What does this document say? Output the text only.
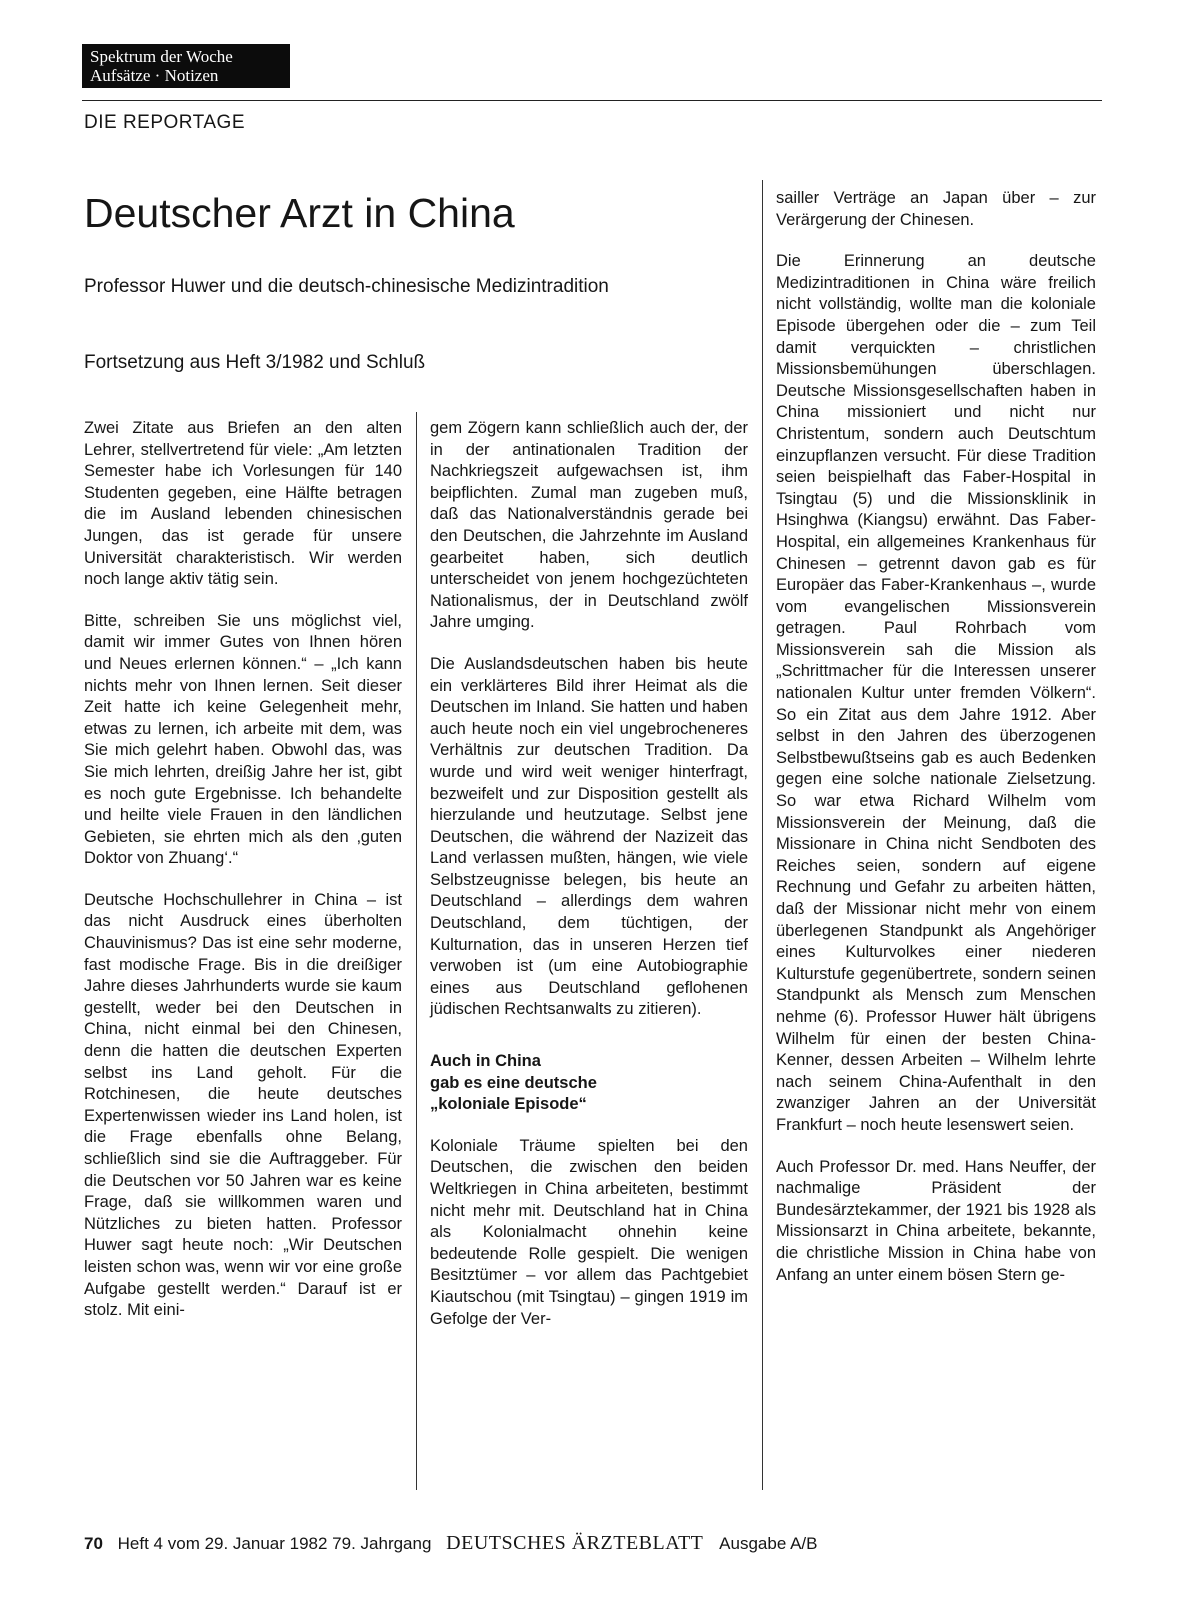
Spektrum der Woche
Aufsätze · Notizen
DIE REPORTAGE
Deutscher Arzt in China
Professor Huwer und die deutsch-chinesische Medizintradition
Fortsetzung aus Heft 3/1982 und Schluß

Zwei Zitate aus Briefen an den alten Lehrer, stellvertretend für viele: „Am letzten Semester habe ich Vorlesungen für 140 Studenten gegeben, eine Hälfte betragen die im Ausland lebenden chinesischen Jungen, das ist gerade für unsere Universität charakteristisch. Wir werden noch lange aktiv tätig sein.

Bitte, schreiben Sie uns möglichst viel, damit wir immer Gutes von Ihnen hören und Neues erlernen können.“ – „Ich kann nichts mehr von Ihnen lernen. Seit dieser Zeit hatte ich keine Gelegenheit mehr, etwas zu lernen, ich arbeite mit dem, was Sie mich gelehrt haben. Obwohl das, was Sie mich lehrten, dreißig Jahre her ist, gibt es noch gute Ergebnisse. Ich behandelte und heilte viele Frauen in den ländlichen Gebieten, sie ehrten mich als den ‚guten Doktor von Zhuang‘.“

Deutsche Hochschullehrer in China – ist das nicht Ausdruck eines überholten Chauvinismus? Das ist eine sehr moderne, fast modische Frage. Bis in die dreißiger Jahre dieses Jahrhunderts wurde sie kaum gestellt, weder bei den Deutschen in China, nicht einmal bei den Chinesen, denn die hatten die deutschen Experten selbst ins Land geholt. Für die Rotchinesen, die heute deutsches Expertenwissen wieder ins Land holen, ist die Frage ebenfalls ohne Belang, schließlich sind sie die Auftraggeber. Für die Deutschen vor 50 Jahren war es keine Frage, daß sie willkommen waren und Nützliches zu bieten hatten. Professor Huwer sagt heute noch: „Wir Deutschen leisten schon was, wenn wir vor eine große Aufgabe gestellt werden.“ Darauf ist er stolz. Mit eini-

gem Zögern kann schließlich auch der, der in der antinationalen Tradition der Nachkriegszeit aufgewachsen ist, ihm beipflichten. Zumal man zugeben muß, daß das Nationalverständnis gerade bei den Deutschen, die Jahrzehnte im Ausland gearbeitet haben, sich deutlich unterscheidet von jenem hochgezüchteten Nationalismus, der in Deutschland zwölf Jahre umging.

Die Auslandsdeutschen haben bis heute ein verklärteres Bild ihrer Heimat als die Deutschen im Inland. Sie hatten und haben auch heute noch ein viel ungebrocheneres Verhältnis zur deutschen Tradition. Da wurde und wird weit weniger hinterfragt, bezweifelt und zur Disposition gestellt als hierzulande und heutzutage. Selbst jene Deutschen, die während der Nazizeit das Land verlassen mußten, hängen, wie viele Selbstzeugnisse belegen, bis heute an Deutschland – allerdings dem wahren Deutschland, dem tüchtigen, der Kulturnation, das in unseren Herzen tief verwoben ist (um eine Autobiographie eines aus Deutschland geflohenen jüdischen Rechtsanwalts zu zitieren).

Auch in China
gab es eine deutsche
„koloniale Episode“

Koloniale Träume spielten bei den Deutschen, die zwischen den beiden Weltkriegen in China arbeiteten, bestimmt nicht mehr mit. Deutschland hat in China als Kolonialmacht ohnehin keine bedeutende Rolle gespielt. Die wenigen Besitztümer – vor allem das Pachtgebiet Kiautschou (mit Tsingtau) – gingen 1919 im Gefolge der Ver-

sailler Verträge an Japan über – zur Verärgerung der Chinesen.

Die Erinnerung an deutsche Medizintraditionen in China wäre freilich nicht vollständig, wollte man die koloniale Episode übergehen oder die – zum Teil damit verquickten – christlichen Missionsbemühungen überschlagen. Deutsche Missionsgesellschaften haben in China missioniert und nicht nur Christentum, sondern auch Deutschtum einzupflanzen versucht. Für diese Tradition seien beispielhaft das Faber-Hospital in Tsingtau (5) und die Missionsklinik in Hsinghwa (Kiangsu) erwähnt. Das Faber-Hospital, ein allgemeines Krankenhaus für Chinesen – getrennt davon gab es für Europäer das Faber-Krankenhaus –, wurde vom evangelischen Missionsverein getragen. Paul Rohrbach vom Missionsverein sah die Mission als „Schrittmacher für die Interessen unserer nationalen Kultur unter fremden Völkern“. So ein Zitat aus dem Jahre 1912. Aber selbst in den Jahren des überzogenen Selbstbewußtseins gab es auch Bedenken gegen eine solche nationale Zielsetzung. So war etwa Richard Wilhelm vom Missionsverein der Meinung, daß die Missionare in China nicht Sendboten des Reiches seien, sondern auf eigene Rechnung und Gefahr zu arbeiten hätten, daß der Missionar nicht mehr von einem überlegenen Standpunkt als Angehöriger eines Kulturvolkes einer niederen Kulturstufe gegenübertrete, sondern seinen Standpunkt als Mensch zum Menschen nehme (6). Professor Huwer hält übrigens Wilhelm für einen der besten China-Kenner, dessen Arbeiten – Wilhelm lehrte nach seinem China-Aufenthalt in den zwanziger Jahren an der Universität Frankfurt – noch heute lesenswert seien.

Auch Professor Dr. med. Hans Neuffer, der nachmalige Präsident der Bundesärztekammer, der 1921 bis 1928 als Missionsarzt in China arbeitete, bekannte, die christliche Mission in China habe von Anfang an unter einem bösen Stern ge-

70 Heft 4 vom 29. Januar 1982 79. Jahrgang DEUTSCHES ÄRZTEBLATT Ausgabe A/B
